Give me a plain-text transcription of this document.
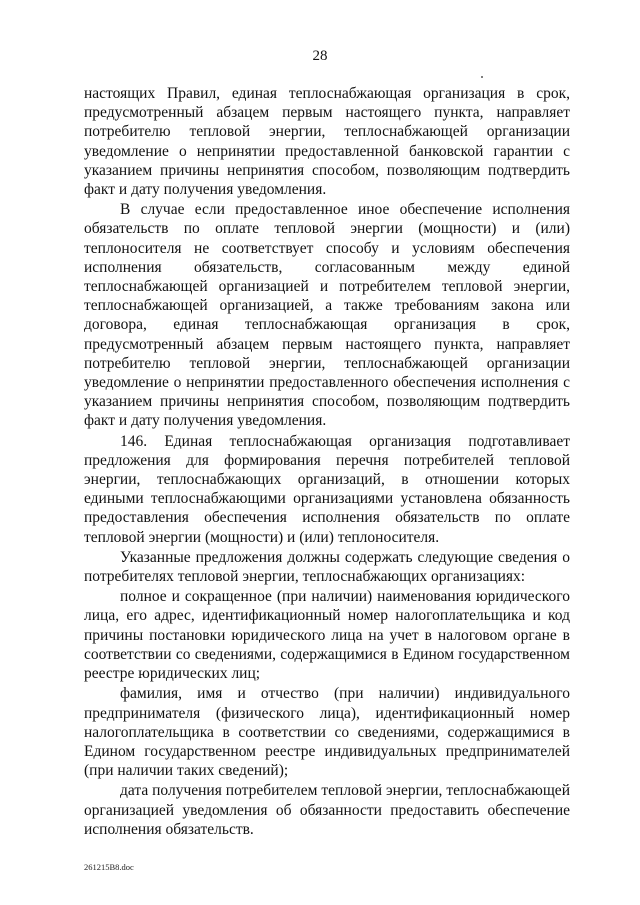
28

настоящих Правил, единая теплоснабжающая организация в срок, предусмотренный абзацем первым настоящего пункта, направляет потребителю тепловой энергии, теплоснабжающей организации уведомление о непринятии предоставленной банковской гарантии с указанием причины непринятия способом, позволяющим подтвердить факт и дату получения уведомления.

В случае если предоставленное иное обеспечение исполнения обязательств по оплате тепловой энергии (мощности) и (или) теплоносителя не соответствует способу и условиям обеспечения исполнения обязательств, согласованным между единой теплоснабжающей организацией и потребителем тепловой энергии, теплоснабжающей организацией, а также требованиям закона или договора, единая теплоснабжающая организация в срок, предусмотренный абзацем первым настоящего пункта, направляет потребителю тепловой энергии, теплоснабжающей организации уведомление о непринятии предоставленного обеспечения исполнения с указанием причины непринятия способом, позволяющим подтвердить факт и дату получения уведомления.

146. Единая теплоснабжающая организация подготавливает предложения для формирования перечня потребителей тепловой энергии, теплоснабжающих организаций, в отношении которых едиными теплоснабжающими организациями установлена обязанность предоставления обеспечения исполнения обязательств по оплате тепловой энергии (мощности) и (или) теплоносителя.

Указанные предложения должны содержать следующие сведения о потребителях тепловой энергии, теплоснабжающих организациях:

полное и сокращенное (при наличии) наименования юридического лица, его адрес, идентификационный номер налогоплательщика и код причины постановки юридического лица на учет в налоговом органе в соответствии со сведениями, содержащимися в Едином государственном реестре юридических лиц;

фамилия, имя и отчество (при наличии) индивидуального предпринимателя (физического лица), идентификационный номер налогоплательщика в соответствии со сведениями, содержащимися в Едином государственном реестре индивидуальных предпринимателей (при наличии таких сведений);

дата получения потребителем тепловой энергии, теплоснабжающей организацией уведомления об обязанности предоставить обеспечение исполнения обязательств.

261215B8.doc
